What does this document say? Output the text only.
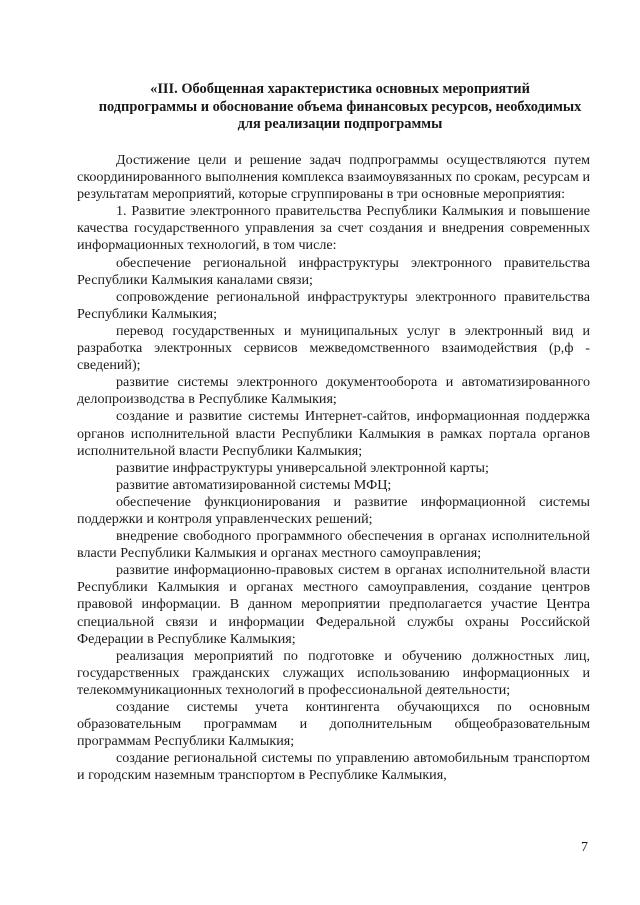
«III. Обобщенная характеристика основных мероприятий
подпрограммы и обоснование объема финансовых ресурсов, необходимых
для реализации подпрограммы

Достижение цели и решение задач подпрограммы осуществляются путем скоординированного выполнения комплекса взаимоувязанных по срокам, ресурсам и результатам мероприятий, которые сгруппированы в три основные мероприятия:

1. Развитие электронного правительства Республики Калмыкия и повышение качества государственного управления за счет создания и внедрения современных информационных технологий, в том числе:

обеспечение региональной инфраструктуры электронного правительства Республики Калмыкия каналами связи;

сопровождение региональной инфраструктуры электронного правительства Республики Калмыкия;

перевод государственных и муниципальных услуг в электронный вид и разработка электронных сервисов межведомственного взаимодействия (р,ф - сведений);

развитие системы электронного документооборота и автоматизированного делопроизводства в Республике Калмыкия;

создание и развитие системы Интернет-сайтов, информационная поддержка органов исполнительной власти Республики Калмыкия в рамках портала органов исполнительной власти Республики Калмыкия;

развитие инфраструктуры универсальной электронной карты;

развитие автоматизированной системы МФЦ;

обеспечение функционирования и развитие информационной системы поддержки и контроля управленческих решений;

внедрение свободного программного обеспечения в органах исполнительной власти Республики Калмыкия и органах местного самоуправления;

развитие информационно-правовых систем в органах исполнительной власти Республики Калмыкия и органах местного самоуправления, создание центров правовой информации. В данном мероприятии предполагается участие Центра специальной связи и информации Федеральной службы охраны Российской Федерации в Республике Калмыкия;

реализация мероприятий по подготовке и обучению должностных лиц, государственных гражданских служащих использованию информационных и телекоммуникационных технологий в профессиональной деятельности;

создание системы учета контингента обучающихся по основным образовательным программам и дополнительным общеобразовательным программам Республики Калмыкия;

создание региональной системы по управлению автомобильным транспортом и городским наземным транспортом в Республике Калмыкия,

7
